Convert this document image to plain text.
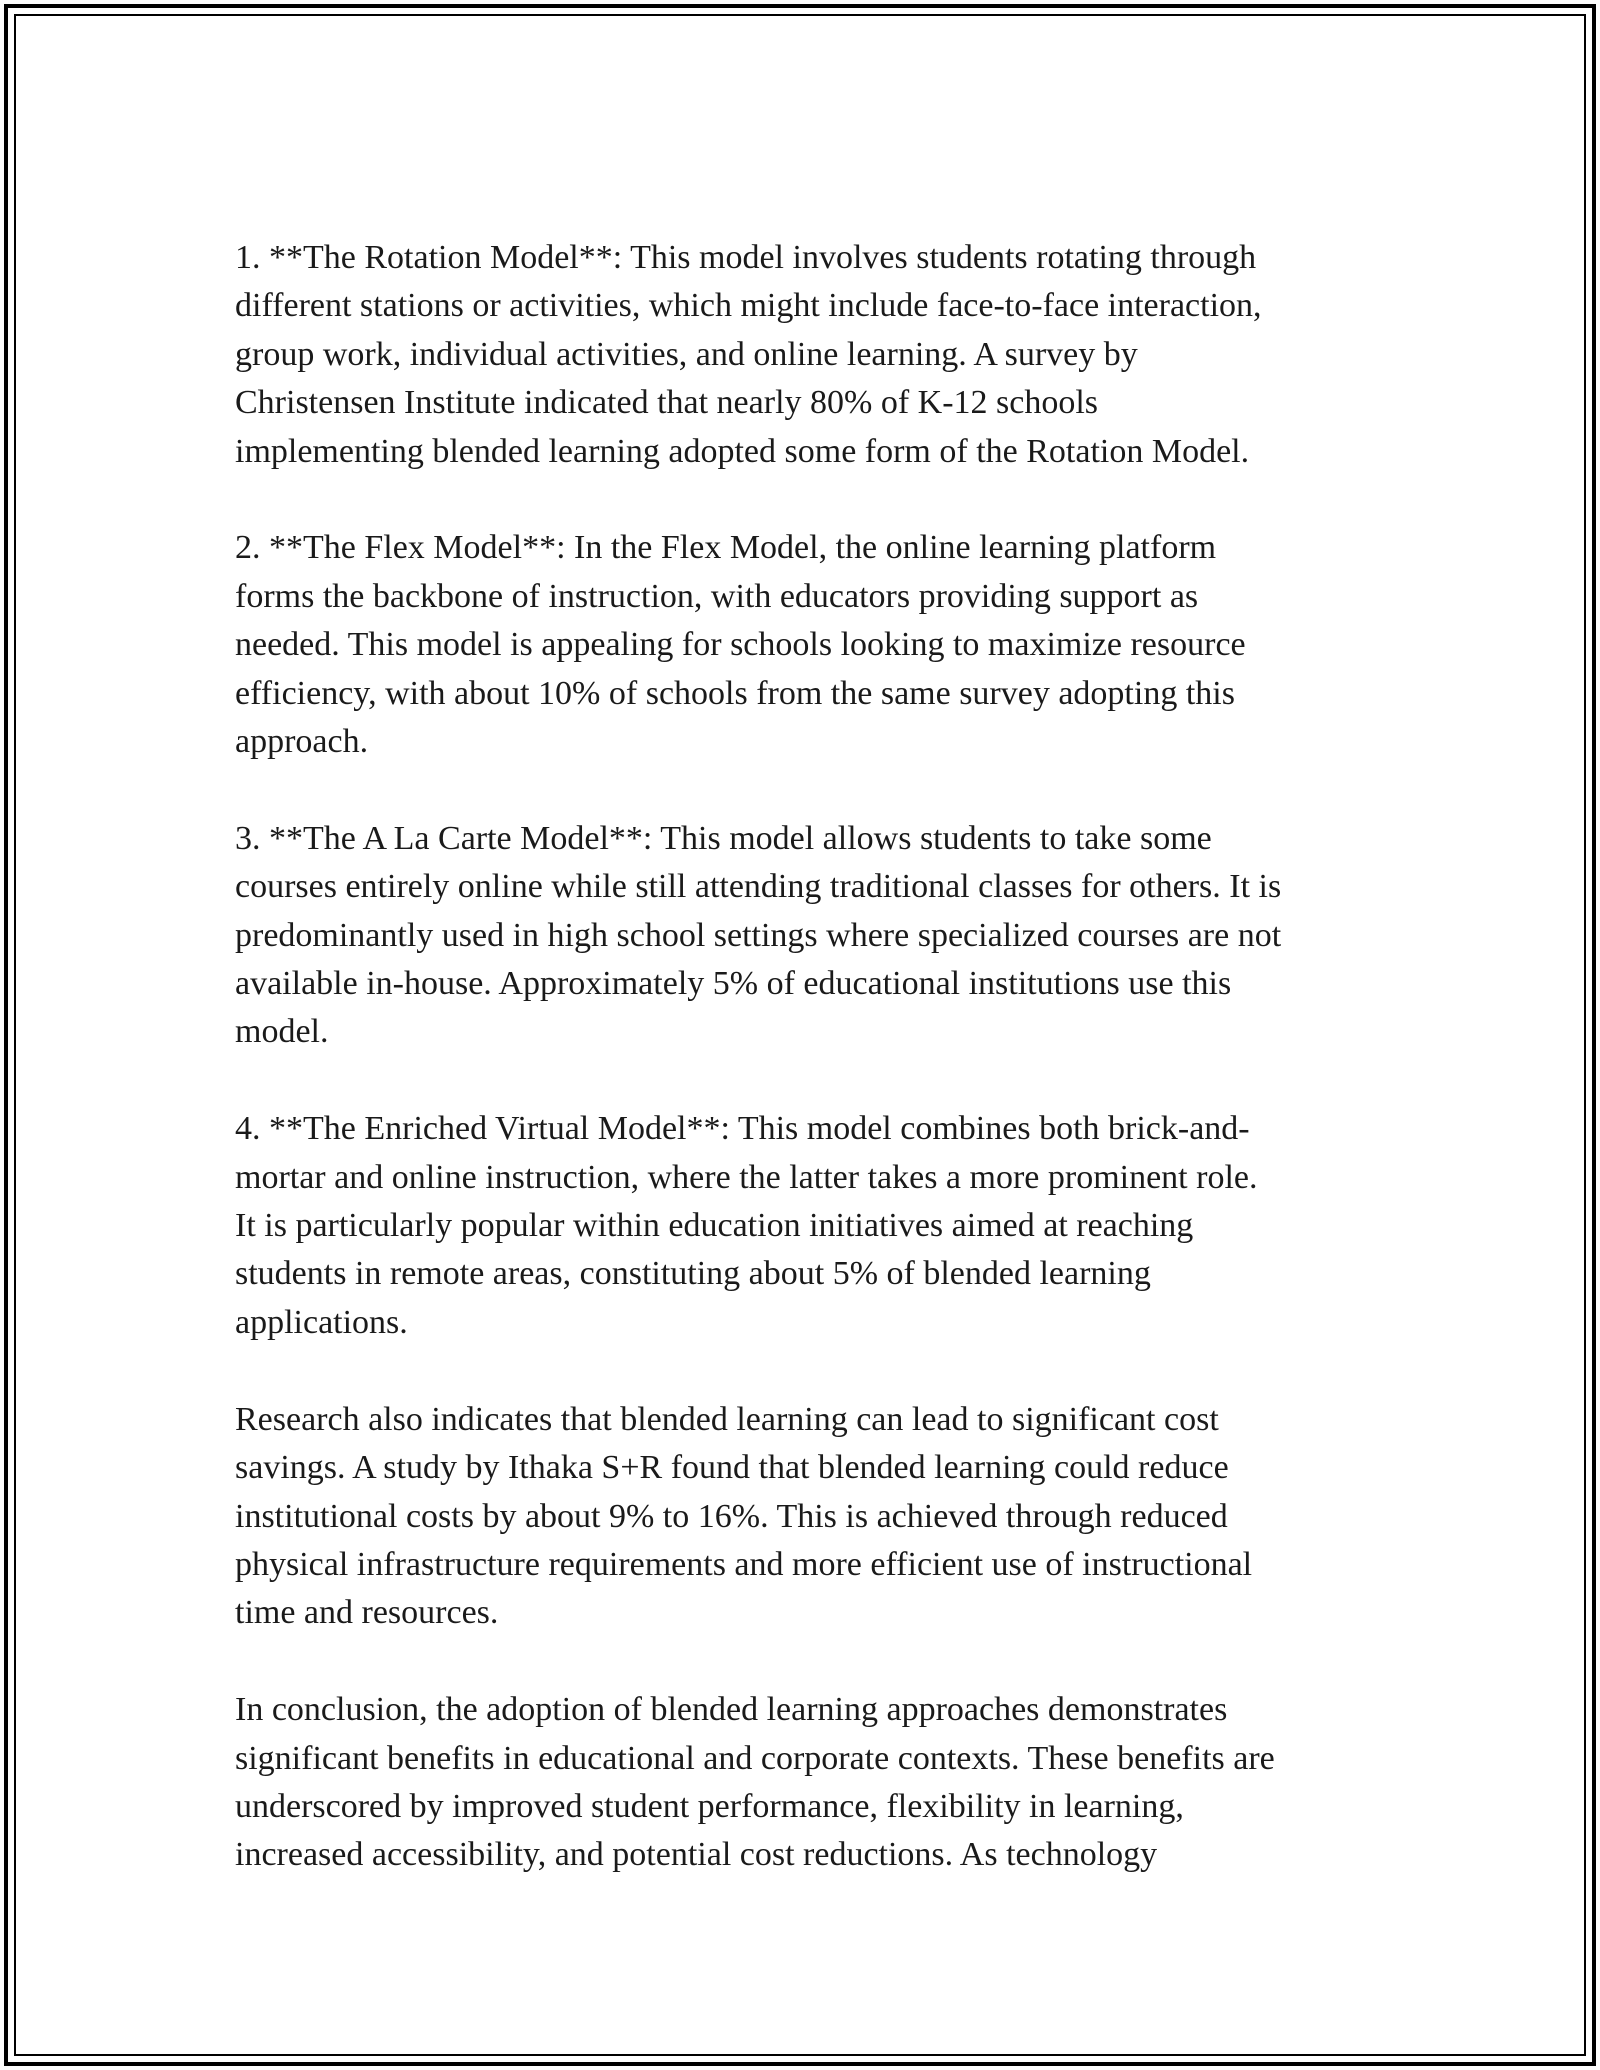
1. **The Rotation Model**: This model involves students rotating through
different stations or activities, which might include face-to-face interaction,
group work, individual activities, and online learning. A survey by
Christensen Institute indicated that nearly 80% of K-12 schools
implementing blended learning adopted some form of the Rotation Model.

2. **The Flex Model**: In the Flex Model, the online learning platform
forms the backbone of instruction, with educators providing support as
needed. This model is appealing for schools looking to maximize resource
efficiency, with about 10% of schools from the same survey adopting this
approach.

3. **The A La Carte Model**: This model allows students to take some
courses entirely online while still attending traditional classes for others. It is
predominantly used in high school settings where specialized courses are not
available in-house. Approximately 5% of educational institutions use this
model.

4. **The Enriched Virtual Model**: This model combines both brick-and-
mortar and online instruction, where the latter takes a more prominent role.
It is particularly popular within education initiatives aimed at reaching
students in remote areas, constituting about 5% of blended learning
applications.

Research also indicates that blended learning can lead to significant cost
savings. A study by Ithaka S+R found that blended learning could reduce
institutional costs by about 9% to 16%. This is achieved through reduced
physical infrastructure requirements and more efficient use of instructional
time and resources.

In conclusion, the adoption of blended learning approaches demonstrates
significant benefits in educational and corporate contexts. These benefits are
underscored by improved student performance, flexibility in learning,
increased accessibility, and potential cost reductions. As technology
